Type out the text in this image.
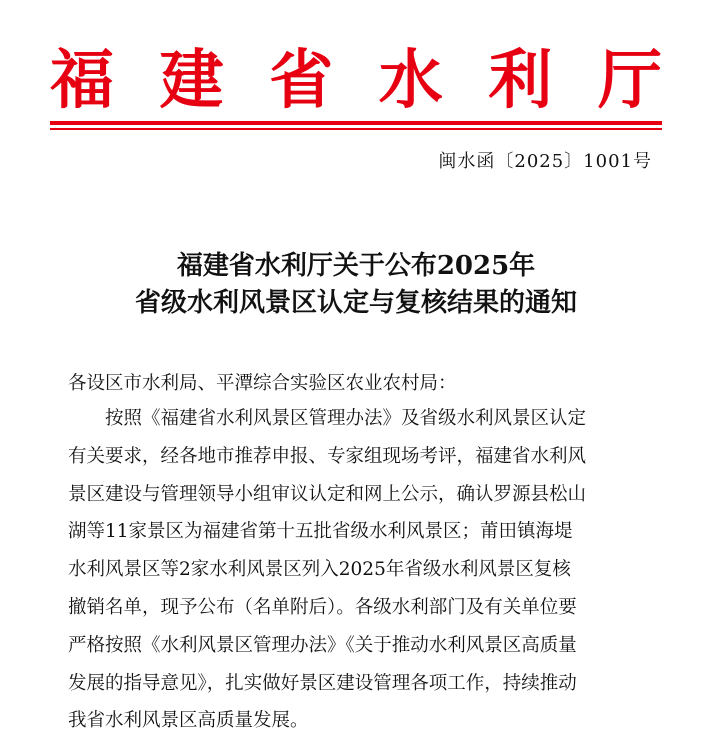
福 建 省 水 利 厅
闽水函〔2025〕1001号
福建省水利厅关于公布2025年
省级水利风景区认定与复核结果的通知
各设区市水利局、平潭综合实验区农业农村局：
按照《福建省水利风景区管理办法》及省级水利风景区认定
有关要求，经各地市推荐申报、专家组现场考评，福建省水利风
景区建设与管理领导小组审议认定和网上公示，确认罗源县松山
湖等11家景区为福建省第十五批省级水利风景区；莆田镇海堤
水利风景区等2家水利风景区列入2025年省级水利风景区复核
撤销名单，现予公布（名单附后）。各级水利部门及有关单位要
严格按照《水利风景区管理办法》《关于推动水利风景区高质量
发展的指导意见》，扎实做好景区建设管理各项工作，持续推动
我省水利风景区高质量发展。
